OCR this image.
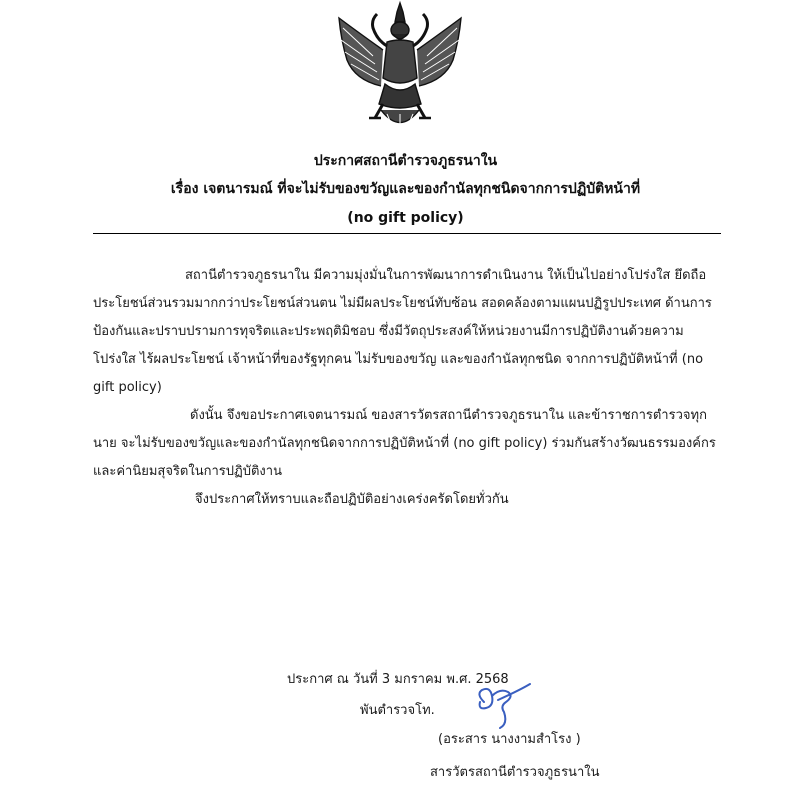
ประกาศสถานีตำรวจภูธรนาใน
เรื่อง เจตนารมณ์ ที่จะไม่รับของขวัญและของกำนัลทุกชนิดจากการปฏิบัติหน้าที่
(no gift policy)
สถานีตำรวจภูธรนาใน มีความมุ่งมั่นในการพัฒนาการดำเนินงาน ให้เป็นไปอย่างโปร่งใส ยึดถือประโยชน์ส่วนรวมมากกว่าประโยชน์ส่วนตน ไม่มีผลประโยชน์ทับซ้อน สอดคล้องตามแผนปฏิรูปประเทศ ด้านการป้องกันและปราบปรามการทุจริตและประพฤติมิชอบ ซึ่งมีวัตถุประสงค์ให้หน่วยงานมีการปฏิบัติงานด้วยความโปร่งใส ไร้ผลประโยชน์ เจ้าหน้าที่ของรัฐทุกคน ไม่รับของขวัญ และของกำนัลทุกชนิด จากการปฏิบัติหน้าที่ (no gift policy)
ดังนั้น จึงขอประกาศเจตนารมณ์ ของสารวัตรสถานีตำรวจภูธรนาใน และข้าราชการตำรวจทุกนาย จะไม่รับของขวัญและของกำนัลทุกชนิดจากการปฏิบัติหน้าที่ (no gift policy) ร่วมกันสร้างวัฒนธรรมองค์กรและค่านิยมสุจริตในการปฏิบัติงาน
จึงประกาศให้ทราบและถือปฏิบัติอย่างเคร่งครัดโดยทั่วกัน
ประกาศ ณ วันที่ 3 มกราคม พ.ศ. 2568
พันตำรวจโท.
(อระสาร นางงามสำโรง )
สารวัตรสถานีตำรวจภูธรนาใน
